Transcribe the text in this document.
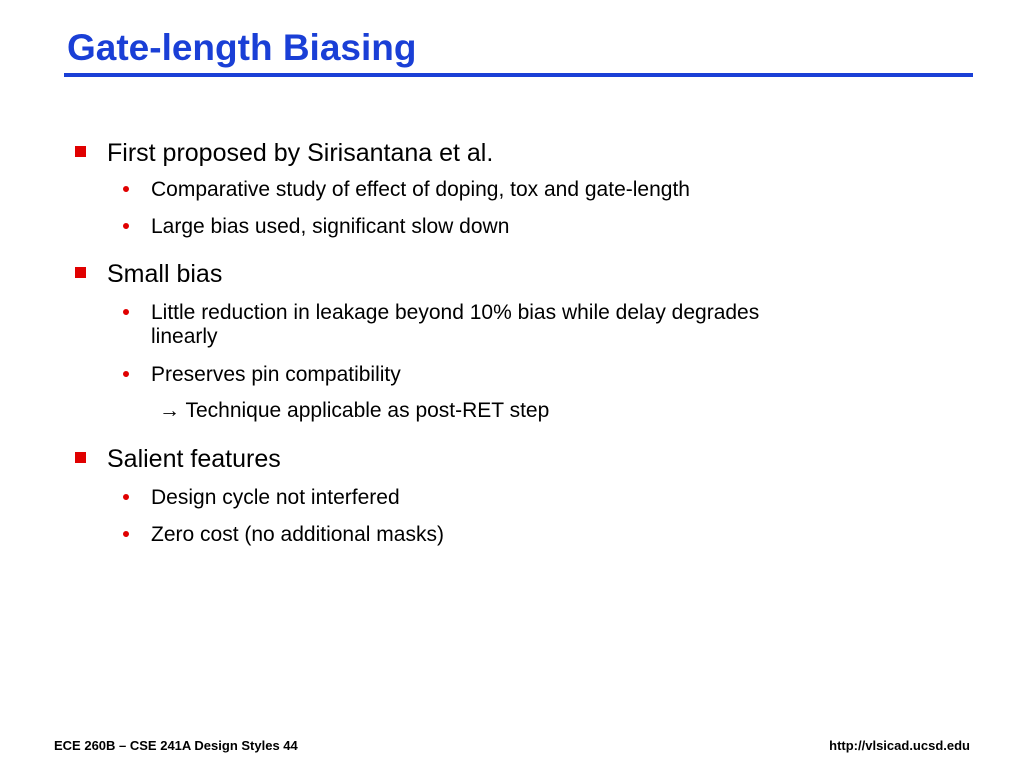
Gate-length Biasing
First proposed by Sirisantana et al.
Comparative study of effect of doping, tox and gate-length
Large bias used, significant slow down
Small bias
Little reduction in leakage beyond 10% bias while delay degrades
linearly
Preserves pin compatibility
→ Technique applicable as post-RET step
Salient features
Design cycle not interfered
Zero cost (no additional masks)
ECE 260B – CSE 241A Design Styles 44	http://vlsicad.ucsd.edu
